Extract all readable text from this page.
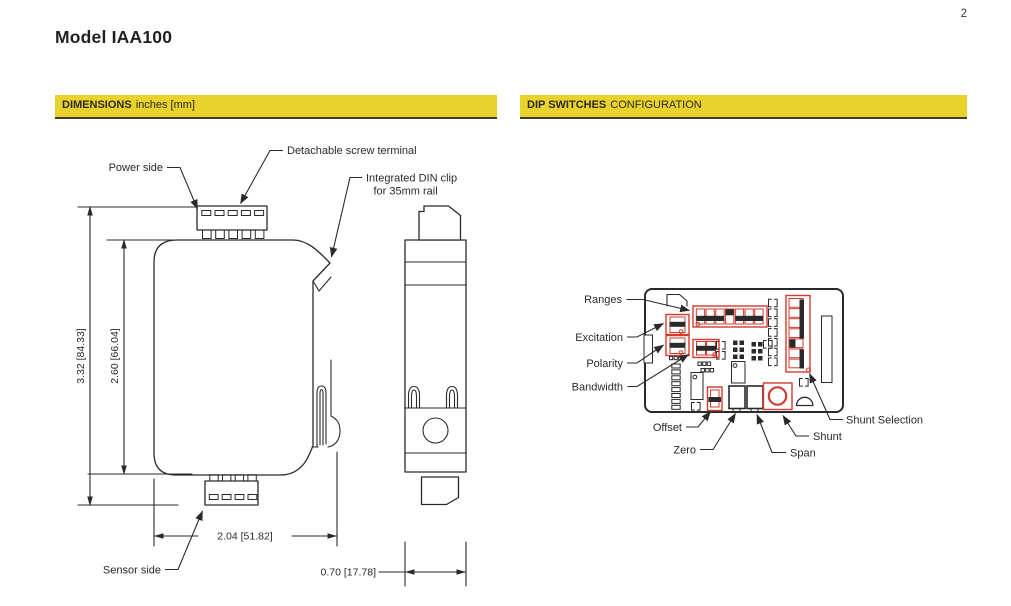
Model IAA100
2
DIMENSIONS inches [mm]	DIP SWITCHES CONFIGURATION
3.32 [84.33] 2.60 [66.04]
2.04 [51.82]
0.70 [17.78]
Power side
Detachable screw terminal
Integrated DIN clip
for 35mm rail
Sensor side
Ranges
Excitation
Polarity
Bandwidth
Offset
Zero	Span
Shunt
Shunt Selection
